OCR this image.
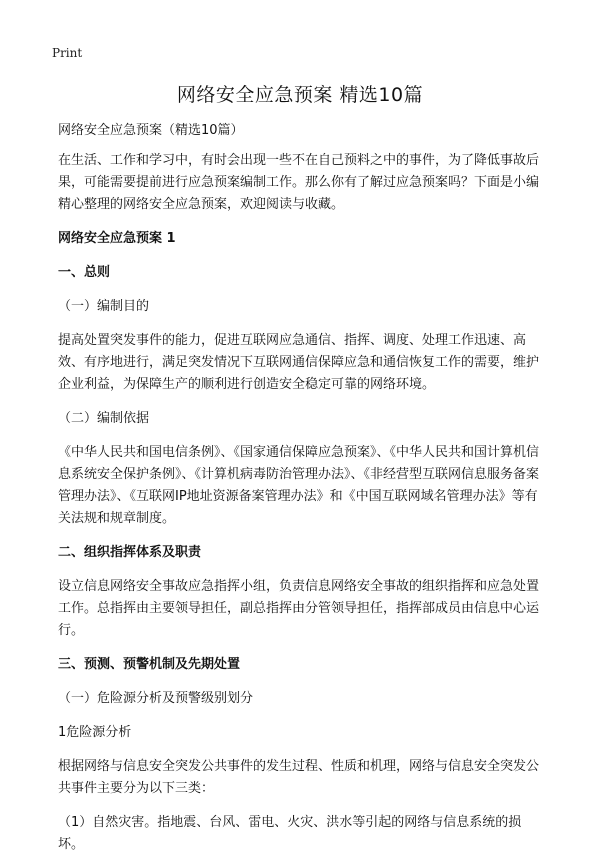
Print
网络安全应急预案 精选10篇

网络安全应急预案（精选10篇）

在生活、工作和学习中，有时会出现一些不在自己预料之中的事件，为了降低事故后果，可能需要提前进行应急预案编制工作。那么你有了解过应急预案吗？下面是小编精心整理的网络安全应急预案，欢迎阅读与收藏。

网络安全应急预案 1

一、总则

（一）编制目的

提高处置突发事件的能力，促进互联网应急通信、指挥、调度、处理工作迅速、高效、有序地进行，满足突发情况下互联网通信保障应急和通信恢复工作的需要，维护企业利益，为保障生产的顺利进行创造安全稳定可靠的网络环境。

（二）编制依据

《中华人民共和国电信条例》、《国家通信保障应急预案》、《中华人民共和国计算机信息系统安全保护条例》、《计算机病毒防治管理办法》、《非经营型互联网信息服务备案管理办法》、《互联网IP地址资源备案管理办法》和《中国互联网域名管理办法》等有关法规和规章制度。

二、组织指挥体系及职责

设立信息网络安全事故应急指挥小组，负责信息网络安全事故的组织指挥和应急处置工作。总指挥由主要领导担任，副总指挥由分管领导担任，指挥部成员由信息中心运行。

三、预测、预警机制及先期处置

（一）危险源分析及预警级别划分

1危险源分析

根据网络与信息安全突发公共事件的发生过程、性质和机理，网络与信息安全突发公共事件主要分为以下三类：

（1）自然灾害。指地震、台风、雷电、火灾、洪水等引起的网络与信息系统的损坏。
